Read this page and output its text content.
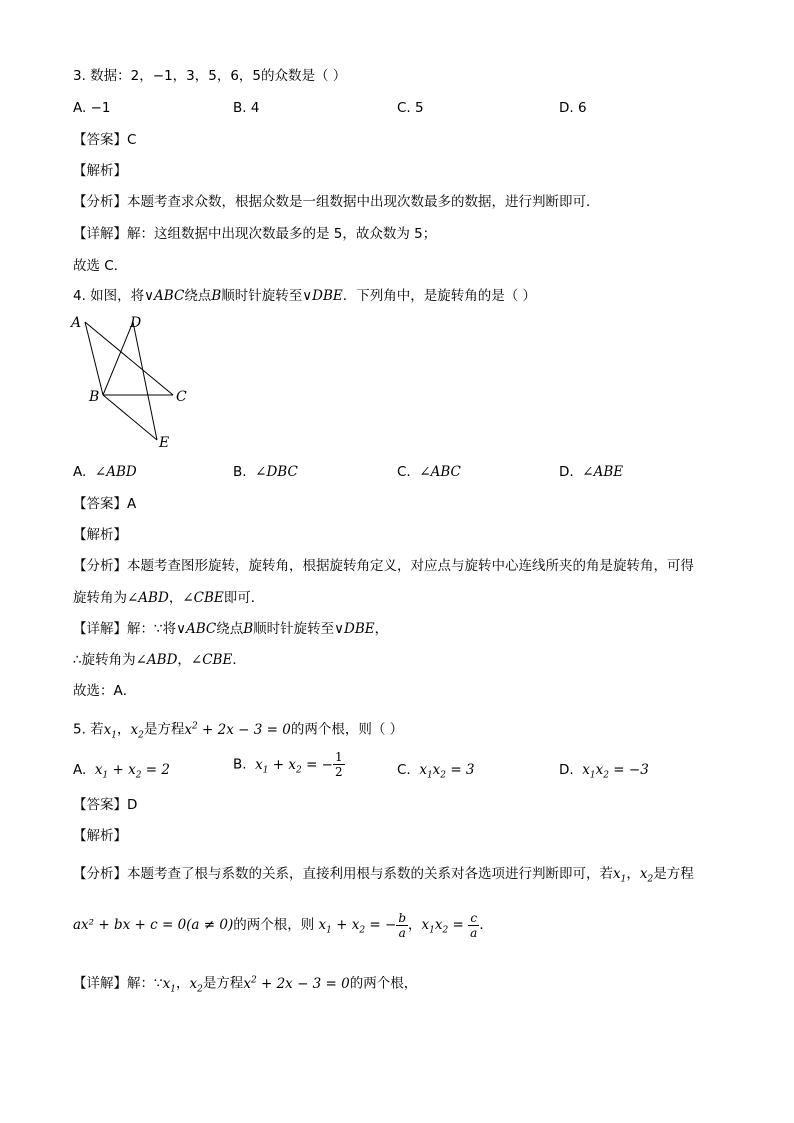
3. 数据：2，−1，3，5，6，5的众数是（ ）
A. −1	B. 4	C. 5	D. 6
【答案】C
【解析】
【分析】本题考查求众数，根据众数是一组数据中出现次数最多的数据，进行判断即可．
【详解】解：这组数据中出现次数最多的是 5，故众数为 5；
故选 C．
4. 如图，将∨ABC绕点B顺时针旋转至∨DBE．下列角中，是旋转角的是（ ）
A	D
B	C
E
A. ∠ABD	B. ∠DBC	C. ∠ABC	D. ∠ABE
【答案】A
【解析】
【分析】本题考查图形旋转，旋转角，根据旋转角定义，对应点与旋转中心连线所夹的角是旋转角，可得
旋转角为∠ABD，∠CBE即可．
【详解】解：∵将∨ABC绕点B顺时针旋转至∨DBE，
∴旋转角为∠ABD，∠CBE．
故选：A．
5. 若$x_1$，$x_2$是方程$x^2 + 2x - 3 = 0$的两个根，则（ ）
A. $x_1 + x_2 = 2$	B. $x_1 + x_2$ = − $\frac{1}{2}$	C. $x_1x_2 = 3$	D. $x_1x_2 = -3$
【答案】D
【解析】
【分析】本题考查了根与系数的关系，直接利用根与系数的关系对各选项进行判断即可，若$x_1$，$x_2$是方程
ax² + bx + c = 0(a ≠ 0)的两个根，则 $x_1 + x_2$ = − $\frac{b}{a}$ ，$x_1x_2 = \frac{c}{a}$ ．
【详解】解：$\because x_1$，$x_2$是方程$x^2 + 2x - 3 = 0$的两个根，
